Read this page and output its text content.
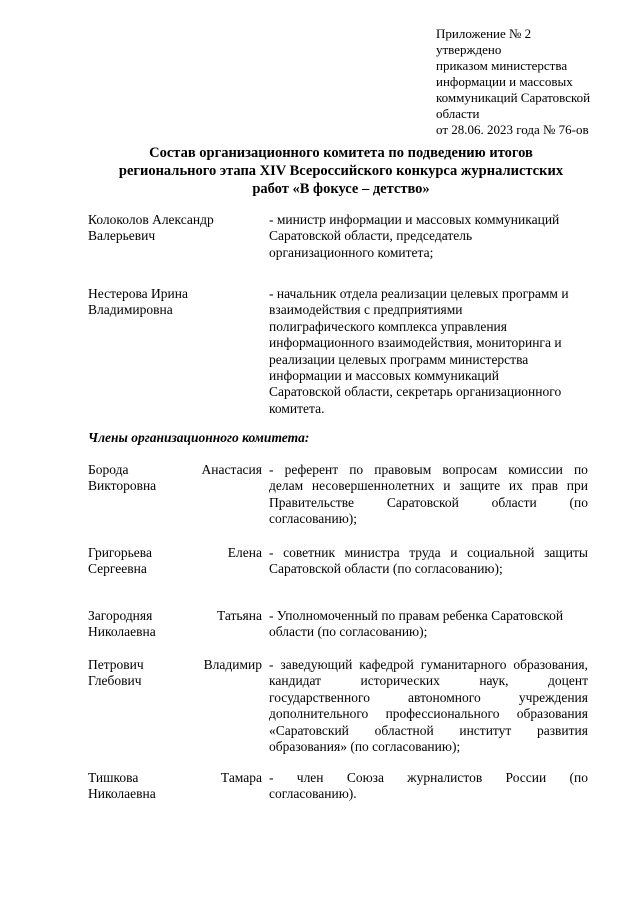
Приложение № 2
утверждено
приказом министерства
информации и массовых
коммуникаций Саратовской
области
от 28.06. 2023 года № 76-ов
Состав организационного комитета по подведению итогов
регионального этапа XIV Всероссийского конкурса журналистских
работ «В фокусе – детство»
Колоколов Александр
Валерьевич
- министр информации и массовых коммуникаций
Саратовской области, председатель
организационного комитета;
Нестерова Ирина
Владимировна
- начальник отдела реализации целевых программ и
взаимодействия с предприятиями
полиграфического комплекса управления
информационного взаимодействия, мониторинга и
реализации целевых программ министерства
информации и массовых коммуникаций
Саратовской области, секретарь организационного
комитета.
Члены организационного комитета:
Борода	Анастасия
Викторовна
- референт по правовым вопросам комиссии по
делам несовершеннолетних и защите их прав при
Правительстве Саратовской области (по
согласованию);
Григорьева	Елена
Сергеевна
- советник министра труда и социальной защиты
Саратовской области (по согласованию);
Загородняя	Татьяна
Николаевна
- Уполномоченный по правам ребенка Саратовской
области (по согласованию);
Петрович	Владимир
Глебович
- заведующий кафедрой гуманитарного образования,
кандидат	исторических	наук,	доцент
государственного	автономного	учреждения
дополнительного профессионального образования
«Саратовский областной институт развития
образования» (по согласованию);
Тишкова	Тамара
Николаевна
- член Союза журналистов России (по
согласованию).
